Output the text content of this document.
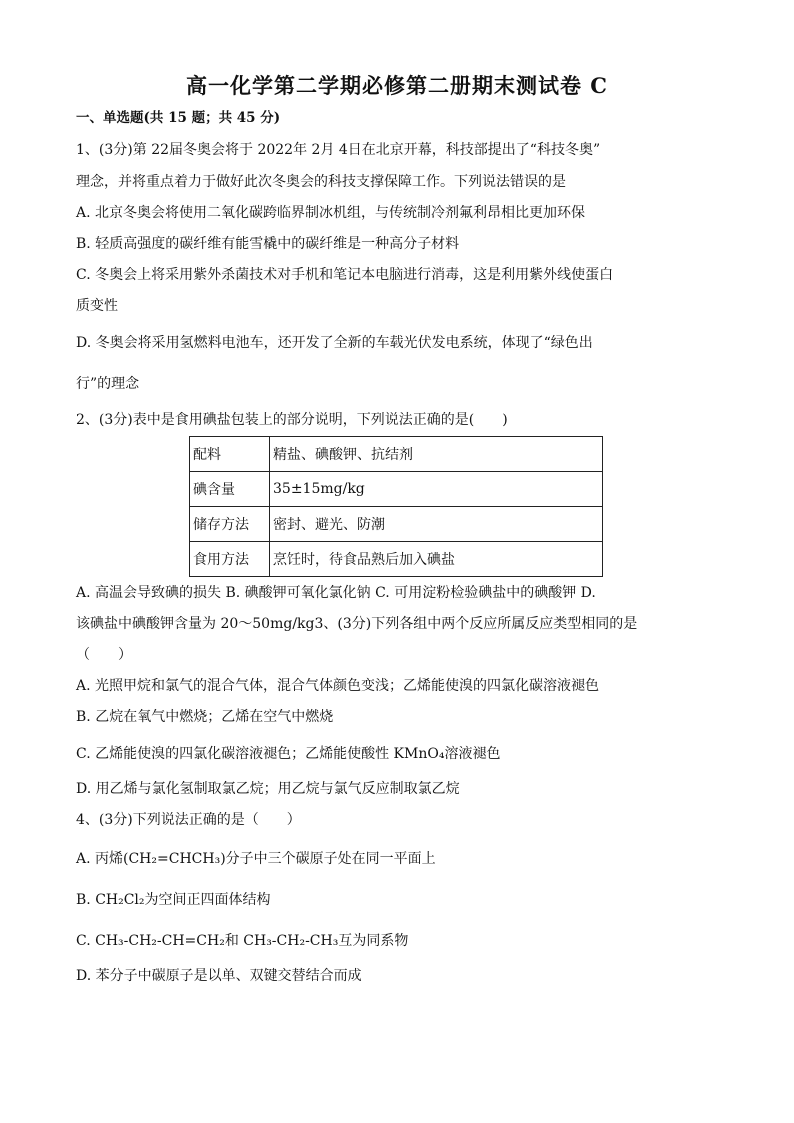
高一化学第二学期必修第二册期末测试卷 C
一、单选题(共 15 题；共 45 分)
1、(3分)第 22届冬奥会将于 2022年 2月 4日在北京开幕，科技部提出了“科技冬奥”
理念，并将重点着力于做好此次冬奥会的科技支撑保障工作。下列说法错误的是
A. 北京冬奥会将使用二氧化碳跨临界制冰机组，与传统制冷剂氟利昂相比更加环保
B. 轻质高强度的碳纤维有能雪橇中的碳纤维是一种高分子材料
C. 冬奥会上将采用紫外杀菌技术对手机和笔记本电脑进行消毒，这是利用紫外线使蛋白
质变性
D. 冬奥会将采用氢燃料电池车，还开发了全新的车载光伏发电系统，体现了“绿色出
行”的理念
2、(3分)表中是食用碘盐包装上的部分说明，下列说法正确的是(　　)
配料	精盐、碘酸钾、抗结剂
碘含量	35±15mg/kg
储存方法	密封、避光、防潮
食用方法	烹饪时，待食品熟后加入碘盐
A. 高温会导致碘的损失 B. 碘酸钾可氧化氯化钠 C. 可用淀粉检验碘盐中的碘酸钾 D.
该碘盐中碘酸钾含量为 20～50mg/kg3、(3分)下列各组中两个反应所属反应类型相同的是
（　　）
A. 光照甲烷和氯气的混合气体，混合气体颜色变浅；乙烯能使溴的四氯化碳溶液褪色
B. 乙烷在氧气中燃烧；乙烯在空气中燃烧
C. 乙烯能使溴的四氯化碳溶液褪色；乙烯能使酸性 KMnO₄溶液褪色
D. 用乙烯与氯化氢制取氯乙烷；用乙烷与氯气反应制取氯乙烷
4、(3分)下列说法正确的是（　　）
A. 丙烯(CH₂=CHCH₃)分子中三个碳原子处在同一平面上
B. CH₂Cl₂为空间正四面体结构
C. CH₃-CH₂-CH=CH₂和 CH₃-CH₂-CH₃互为同系物
D. 苯分子中碳原子是以单、双键交替结合而成
